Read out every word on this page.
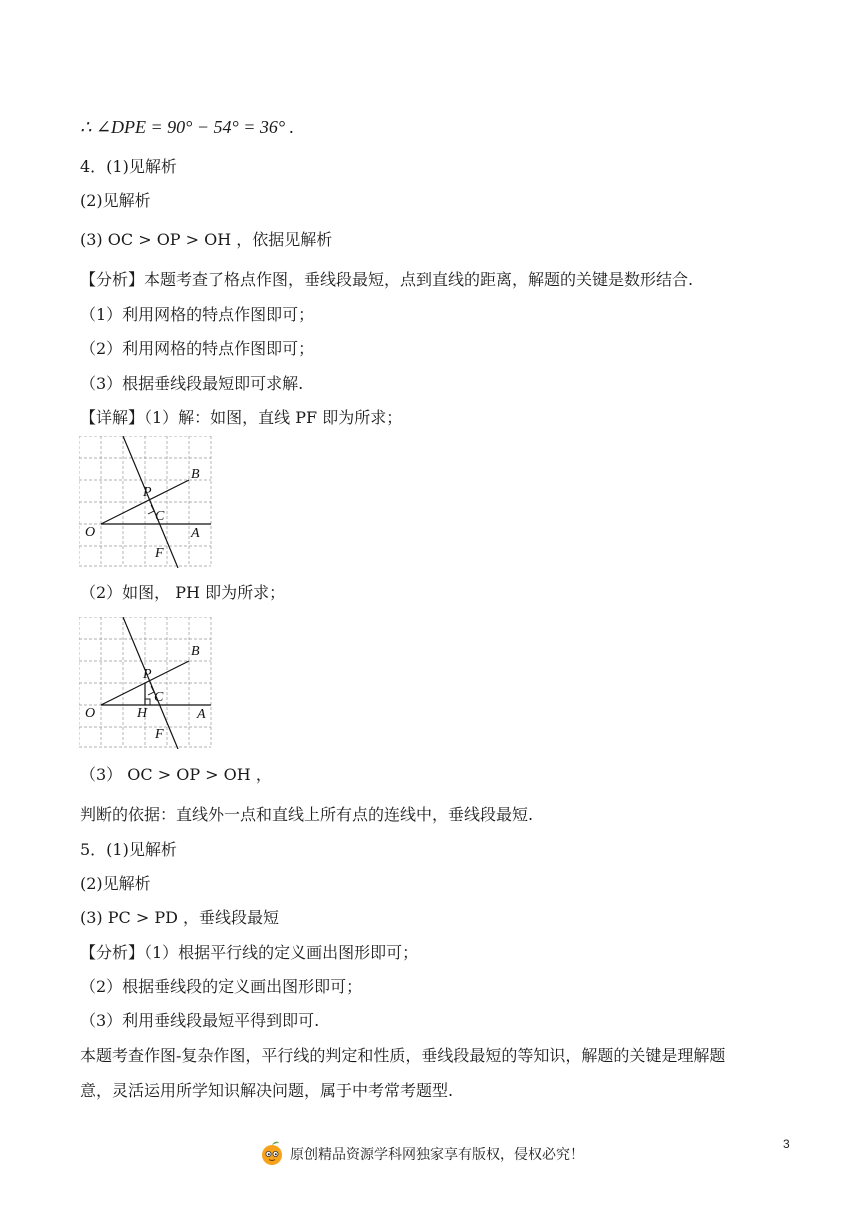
∴ ∠DPE = 90° − 54° = 36° .
4．(1)见解析
(2)见解析
(3) OC > OP > OH ，依据见解析
【分析】本题考查了格点作图，垂线段最短，点到直线的距离，解题的关键是数形结合.
（1）利用网格的特点作图即可；
（2）利用网格的特点作图即可；
（3）根据垂线段最短即可求解.
【详解】（1）解：如图，直线 PF 即为所求；
B
P
C
O	A
F
（2）如图， PH 即为所求；
B
P
C
O	H	A
F
（3） OC > OP > OH ，
判断的依据：直线外一点和直线上所有点的连线中，垂线段最短.
5．(1)见解析
(2)见解析
(3) PC > PD ，垂线段最短
【分析】（1）根据平行线的定义画出图形即可；
（2）根据垂线段的定义画出图形即可；
（3）利用垂线段最短平得到即可.
本题考查作图-复杂作图，平行线的判定和性质，垂线段最短的等知识，解题的关键是理解题
意，灵活运用所学知识解决问题，属于中考常考题型.
原创精品资源学科网独家享有版权，侵权必究！
3
